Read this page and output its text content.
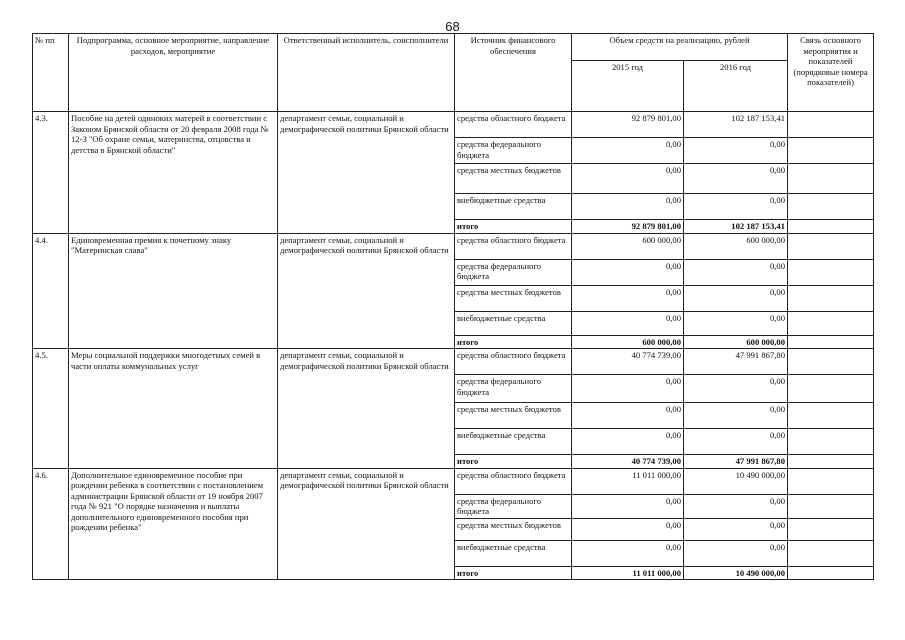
68
№ пп	Подпрограмма, основное мероприятие, направление расходов, мероприятие	Ответственный исполнитель, соисполнители	Источник финансового обеспечения	Объем средств на реализацию, рублей		Связь основного мероприятия и показателей (порядковые номера показателей)
				2015 год	2016 год	
4.3.	Пособие на детей одиноких матерей в соответствии с Законом Брянской области от 20 февраля 2008 года № 12-З "Об охране семьи, материнства, отцовства и детства в Брянской области"	департамент семьи, социальной и демографической политики Брянской области	средства областного бюджета	92 879 801,00	102 187 153,41	
			средства федерального бюджета	0,00	0,00	
			средства местных бюджетов	0,00	0,00	
			внебюджетные средства	0,00	0,00	
			итого	92 879 801,00	102 187 153,41	
4.4.	Единовременная премия к почетному знаку "Материнская слава"	департамент семьи, социальной и демографической политики Брянской области	средства областного бюджета	600 000,00	600 000,00	
			средства федерального бюджета	0,00	0,00	
			средства местных бюджетов	0,00	0,00	
			внебюджетные средства	0,00	0,00	
			итого	600 000,00	600 000,00	
4.5.	Меры социальной поддержки многодетных семей в части оплаты коммунальных услуг	департамент семьи, социальной и демографической политики Брянской области	средства областного бюджета	40 774 739,00	47 991 867,80	
			средства федерального бюджета	0,00	0,00	
			средства местных бюджетов	0,00	0,00	
			внебюджетные средства	0,00	0,00	
			итого	40 774 739,00	47 991 867,80	
4.6.	Дополнительное единовременное пособие при рождении ребенка в соответствии с постановлением администрации Брянской области от 19 ноября 2007 года № 921 "О порядке назначения и выплаты дополнительного единовременного пособия при рождении ребенка"	департамент семьи, социальной и демографической политики Брянской области	средства областного бюджета	11 011 000,00	10 490 000,00	
			средства федерального бюджета	0,00	0,00	
			средства местных бюджетов	0,00	0,00	
			внебюджетные средства	0,00	0,00	
			итого	11 011 000,00	10 490 000,00	
